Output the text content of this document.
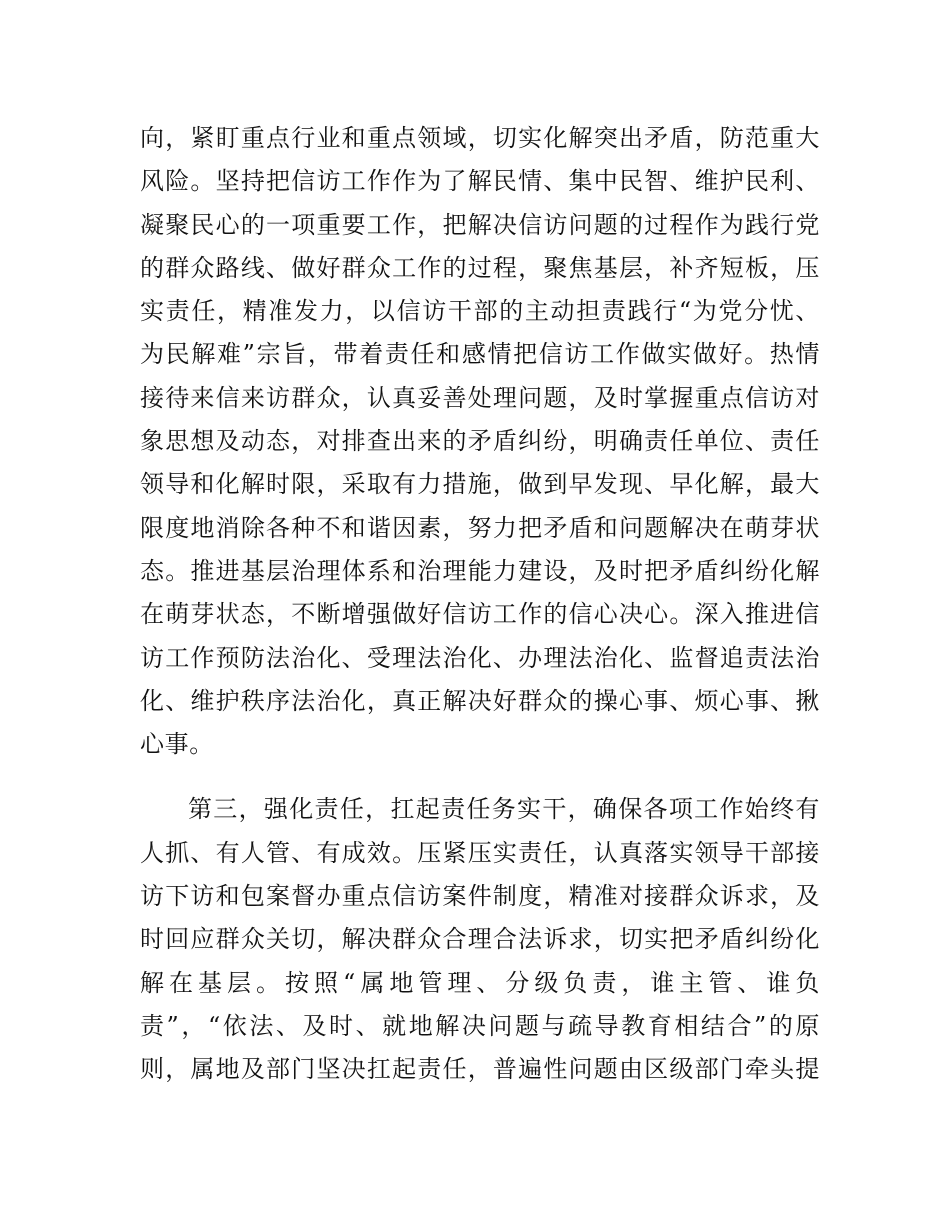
向，紧盯重点行业和重点领域，切实化解突出矛盾，防范重大
风险。坚持把信访工作作为了解民情、集中民智、维护民利、
凝聚民心的一项重要工作，把解决信访问题的过程作为践行党
的群众路线、做好群众工作的过程，聚焦基层，补齐短板，压
实责任，精准发力，以信访干部的主动担责践行“为党分忧、
为民解难”宗旨，带着责任和感情把信访工作做实做好。热情
接待来信来访群众，认真妥善处理问题，及时掌握重点信访对
象思想及动态，对排查出来的矛盾纠纷，明确责任单位、责任
领导和化解时限，采取有力措施，做到早发现、早化解，最大
限度地消除各种不和谐因素，努力把矛盾和问题解决在萌芽状
态。推进基层治理体系和治理能力建设，及时把矛盾纠纷化解
在萌芽状态，不断增强做好信访工作的信心决心。深入推进信
访工作预防法治化、受理法治化、办理法治化、监督追责法治
化、维护秩序法治化，真正解决好群众的操心事、烦心事、揪
心事。
第三，强化责任，扛起责任务实干，确保各项工作始终有
人抓、有人管、有成效。压紧压实责任，认真落实领导干部接
访下访和包案督办重点信访案件制度，精准对接群众诉求，及
时回应群众关切，解决群众合理合法诉求，切实把矛盾纠纷化
解在基层。按照“属地管理、分级负责，谁主管、谁负
责”，“依法、及时、就地解决问题与疏导教育相结合”的原
则，属地及部门坚决扛起责任，普遍性问题由区级部门牵头提
